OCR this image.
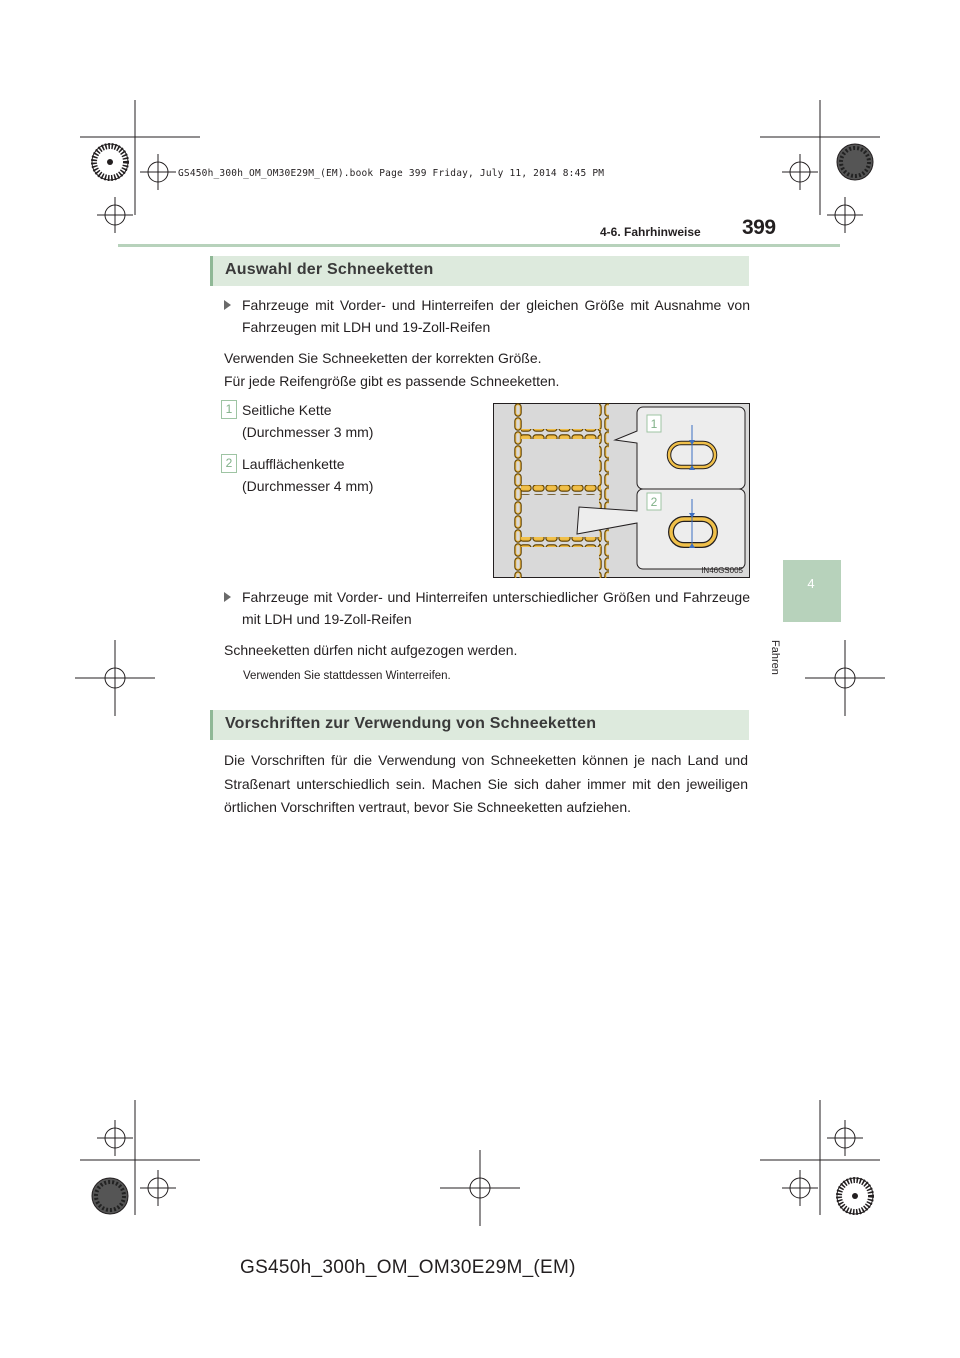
GS450h_300h_OM_OM30E29M_(EM).book Page 399 Friday, July 11, 2014 8:45 PM
4-6. Fahrhinweise 399
4
Fahren
Auswahl der Schneeketten
Fahrzeuge mit Vorder- und Hinterreifen der gleichen Größe mit Ausnahme von Fahrzeugen mit LDH und 19-Zoll-Reifen
Verwenden Sie Schneeketten der korrekten Größe.
Für jede Reifengröße gibt es passende Schneeketten.
1 Seitliche Kette
(Durchmesser 3 mm)
2 Laufflächenkette
(Durchmesser 4 mm)
1
2
IN46GS005
Fahrzeuge mit Vorder- und Hinterreifen unterschiedlicher Größen und Fahrzeuge mit LDH und 19-Zoll-Reifen
Schneeketten dürfen nicht aufgezogen werden.
Verwenden Sie stattdessen Winterreifen.
Vorschriften zur Verwendung von Schneeketten
Die Vorschriften für die Verwendung von Schneeketten können je nach Land und Straßenart unterschiedlich sein. Machen Sie sich daher immer mit den jeweiligen örtlichen Vorschriften vertraut, bevor Sie Schneeketten aufziehen.
GS450h_300h_OM_OM30E29M_(EM)
